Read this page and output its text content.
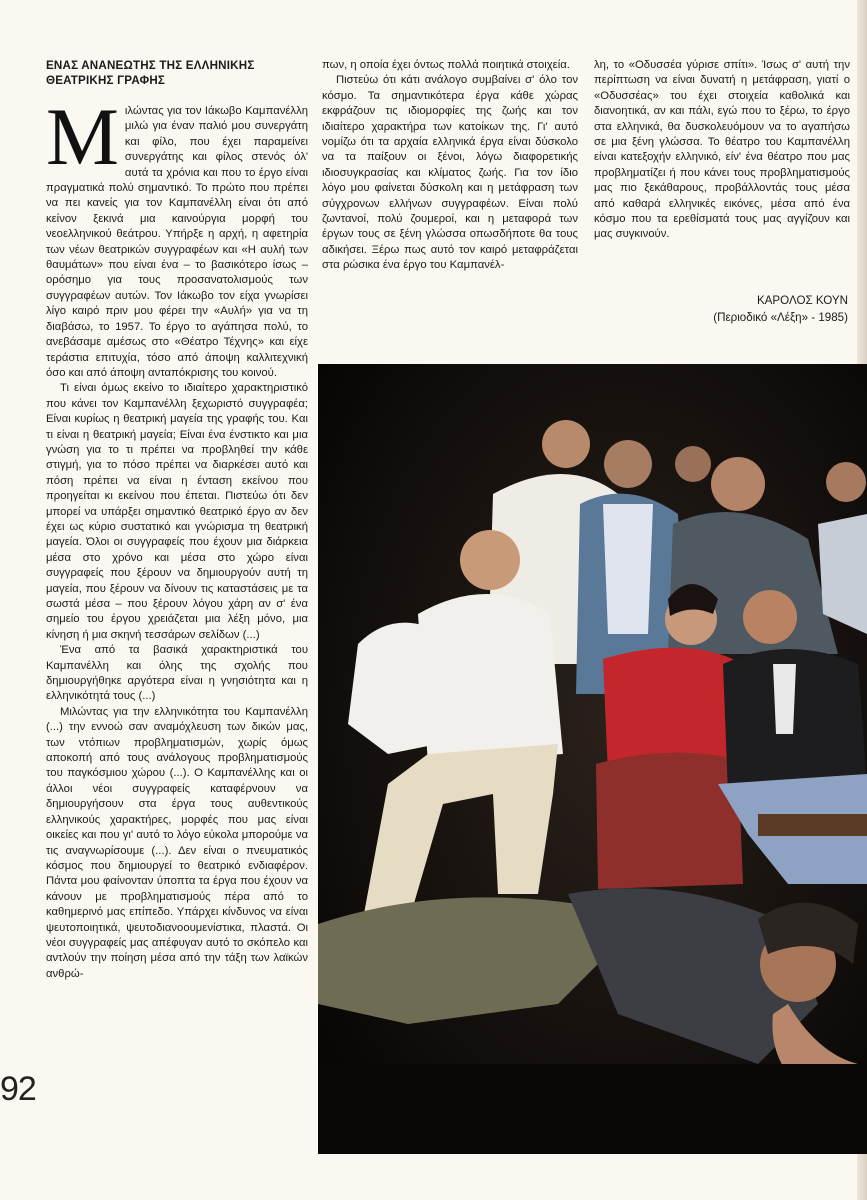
ΕΝΑΣ ΑΝΑΝΕΩΤΗΣ ΤΗΣ ΕΛΛΗΝΙΚΗΣ
ΘΕΑΤΡΙΚΗΣ ΓΡΑΦΗΣ
Μ ιλώντας για τον Ιάκωβο Καμπανέλλη μιλώ για έναν παλιό μου συνεργάτη και φίλο, που έχει παραμείνει συνεργάτης και φίλος στενός όλ' αυτά τα χρόνια και που το έργο είναι πραγματικά πολύ σημαντικό. Το πρώτο που πρέπει να πει κανείς για τον Καμπανέλλη είναι ότι από κείνον ξεκινά μια καινούργια μορφή του νεοελληνικού θεάτρου. Υπήρξε η αρχή, η αφετηρία των νέων θεατρικών συγγραφέων και «Η αυλή των θαυμάτων» που είναι ένα – το βασικότερο ίσως – ορόσημο για τους προσανατολισμούς των συγγραφέων αυτών. Τον Ιάκωβο τον είχα γνωρίσει λίγο καιρό πριν μου φέρει την «Αυλή» για να τη διαβάσω, το 1957. Το έργο το αγάπησα πολύ, το ανεβάσαμε αμέσως στο «Θέατρο Τέχνης» και είχε τεράστια επιτυχία, τόσο από άποψη καλλιτεχνική όσο και από άποψη ανταπόκρισης του κοινού.

Τι είναι όμως εκείνο το ιδιαίτερο χαρακτηριστικό που κάνει τον Καμπανέλλη ξεχωριστό συγγραφέα; Είναι κυρίως η θεατρική μαγεία της γραφής του. Και τι είναι η θεατρική μαγεία; Είναι ένα ένστικτο και μια γνώση για το τι πρέπει να προβληθεί την κάθε στιγμή, για το πόσο πρέπει να διαρκέσει αυτό και πόση πρέπει να είναι η ένταση εκείνου που προηγείται κι εκείνου που έπεται. Πιστεύω ότι δεν μπορεί να υπάρξει σημαντικό θεατρικό έργο αν δεν έχει ως κύριο συστατικό και γνώρισμα τη θεατρική μαγεία. Όλοι οι συγγραφείς που έχουν μια διάρκεια μέσα στο χρόνο και μέσα στο χώρο είναι συγγραφείς που ξέρουν να δημιουργούν αυτή τη μαγεία, που ξέρουν να δίνουν τις καταστάσεις με τα σωστά μέσα – που ξέρουν λόγου χάρη αν σ' ένα σημείο του έργου χρειάζεται μια λέξη μόνο, μια κίνηση ή μια σκηνή τεσσάρων σελίδων (...)

Ένα από τα βασικά χαρακτηριστικά του Καμπανέλλη και όλης της σχολής που δημιουργήθηκε αργότερα είναι η γνησιότητα και η ελληνικότητά τους (...)

Μιλώντας για την ελληνικότητα του Καμπανέλλη (...) την εννοώ σαν αναμόχλευση των δικών μας, των ντόπιων προβληματισμών, χωρίς όμως αποκοπή από τους ανάλογους προβληματισμούς του παγκόσμιου χώρου (...). Ο Καμπανέλλης και οι άλλοι νέοι συγγραφείς καταφέρνουν να δημιουργήσουν στα έργα τους αυθεντικούς ελληνικούς χαρακτήρες, μορφές που μας είναι οικείες και που γι' αυτό το λόγο εύκολα μπορούμε να τις αναγνωρίσουμε (...). Δεν είναι ο πνευματικός κόσμος που δημιουργεί το θεατρικό ενδιαφέρον. Πάντα μου φαίνονταν ύποπτα τα έργα που έχουν να κάνουν με προβληματισμούς πέρα από το καθημερινό μας επίπεδο. Υπάρχει κίνδυνος να είναι ψευτοποιητικά, ψευτοδιανοουμενίστικα, πλαστά. Οι νέοι συγγραφείς μας απέφυγαν αυτό το σκόπελο και αντλούν την ποίηση μέσα από την τάξη των λαϊκών ανθρώ-

πων, η οποία έχει όντως πολλά ποιητικά στοιχεία.

Πιστεύω ότι κάτι ανάλογο συμβαίνει σ' όλο τον κόσμο. Τα σημαντικότερα έργα κάθε χώρας εκφράζουν τις ιδιομορφίες της ζωής και τον ιδιαίτερο χαρακτήρα των κατοίκων της. Γι' αυτό νομίζω ότι τα αρχαία ελληνικά έργα είναι δύσκολο να τα παίξουν οι ξένοι, λόγω διαφορετικής ιδιοσυγκρασίας και κλίματος ζωής. Για τον ίδιο λόγο μου φαίνεται δύσκολη και η μετάφραση των σύγχρονων ελλήνων συγγραφέων. Είναι πολύ ζωντανοί, πολύ ζουμεροί, και η μεταφορά των έργων τους σε ξένη γλώσσα οπωσδήποτε θα τους αδικήσει. Ξέρω πως αυτό τον καιρό μεταφράζεται στα ρώσικα ένα έργο του Καμπανέλ-

λη, το «Οδυσσέα γύρισε σπίτι». Ίσως σ' αυτή την περίπτωση να είναι δυνατή η μετάφραση, γιατί ο «Οδυσσέας» του έχει στοιχεία καθολικά και διανοητικά, αν και πάλι, εγώ που το ξέρω, το έργο στα ελληνικά, θα δυσκολευόμουν να το αγαπήσω σε μια ξένη γλώσσα. Το θέατρο του Καμπανέλλη είναι κατεξοχήν ελληνικό, είν' ένα θέατρο που μας προβληματίζει ή που κάνει τους προβληματισμούς μας πιο ξεκάθαρους, προβάλλοντάς τους μέσα από καθαρά ελληνικές εικόνες, μέσα από ένα κόσμο που τα ερεθίσματά τους μας αγγίζουν και μας συγκινούν.

ΚΑΡΟΛΟΣ ΚΟΥΝ
(Περιοδικό «Λέξη» - 1985)
92
